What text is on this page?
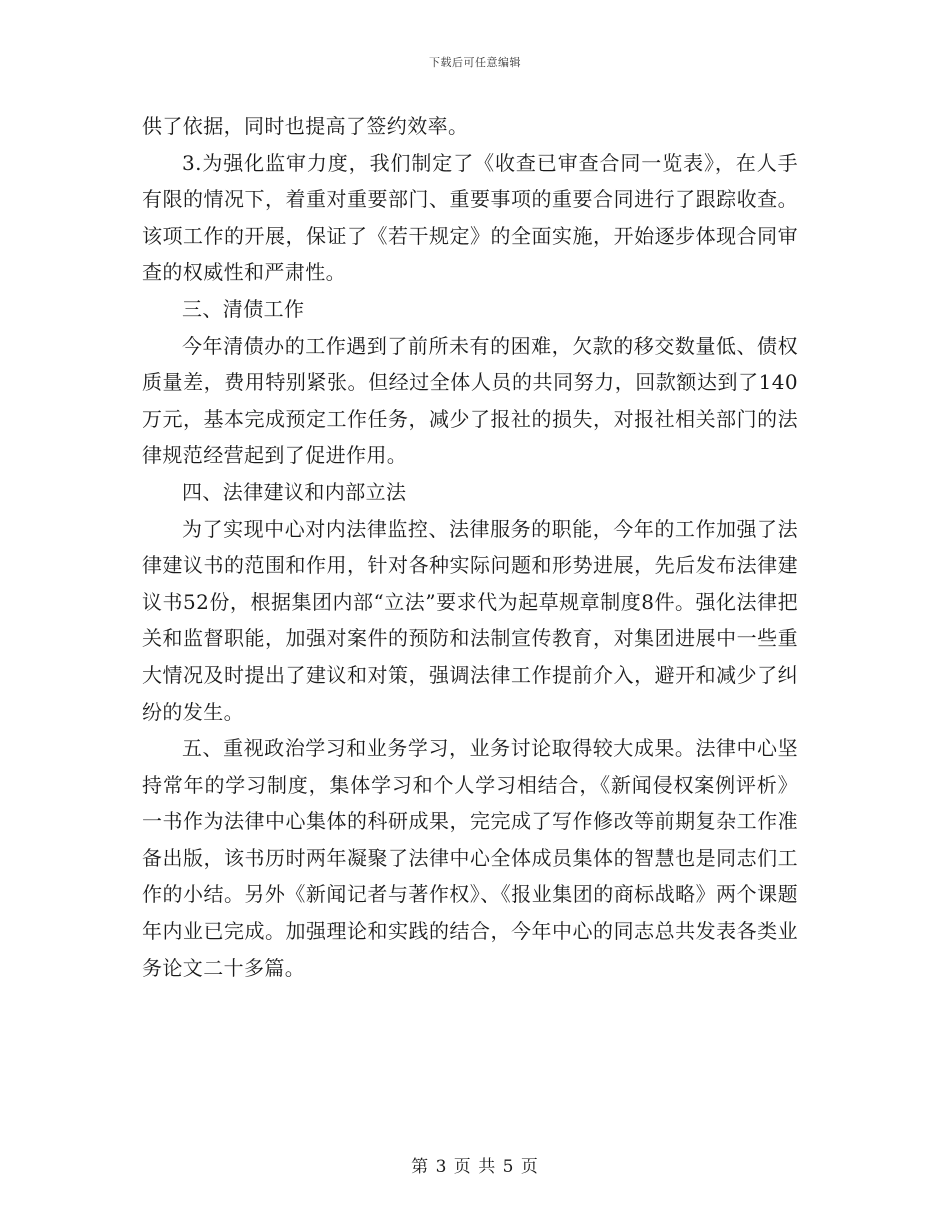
下载后可任意编辑

供了依据，同时也提高了签约效率。

3.为强化监审力度，我们制定了《收查已审查合同一览表》，在人手有限的情况下，着重对重要部门、重要事项的重要合同进行了跟踪收查。该项工作的开展，保证了《若干规定》的全面实施，开始逐步体现合同审查的权威性和严肃性。

三、清债工作

今年清债办的工作遇到了前所未有的困难，欠款的移交数量低、债权质量差，费用特别紧张。但经过全体人员的共同努力，回款额达到了140万元，基本完成预定工作任务，减少了报社的损失，对报社相关部门的法律规范经营起到了促进作用。

四、法律建议和内部立法

为了实现中心对内法律监控、法律服务的职能，今年的工作加强了法律建议书的范围和作用，针对各种实际问题和形势进展，先后发布法律建议书52份，根据集团内部“立法”要求代为起草规章制度8件。强化法律把关和监督职能，加强对案件的预防和法制宣传教育，对集团进展中一些重大情况及时提出了建议和对策，强调法律工作提前介入，避开和减少了纠纷的发生。

五、重视政治学习和业务学习，业务讨论取得较大成果。法律中心坚持常年的学习制度，集体学习和个人学习相结合，《新闻侵权案例评析》一书作为法律中心集体的科研成果，完完成了写作修改等前期复杂工作准备出版，该书历时两年凝聚了法律中心全体成员集体的智慧也是同志们工作的小结。另外《新闻记者与著作权》、《报业集团的商标战略》两个课题年内业已完成。加强理论和实践的结合，今年中心的同志总共发表各类业务论文二十多篇。

第 3 页 共 5 页
